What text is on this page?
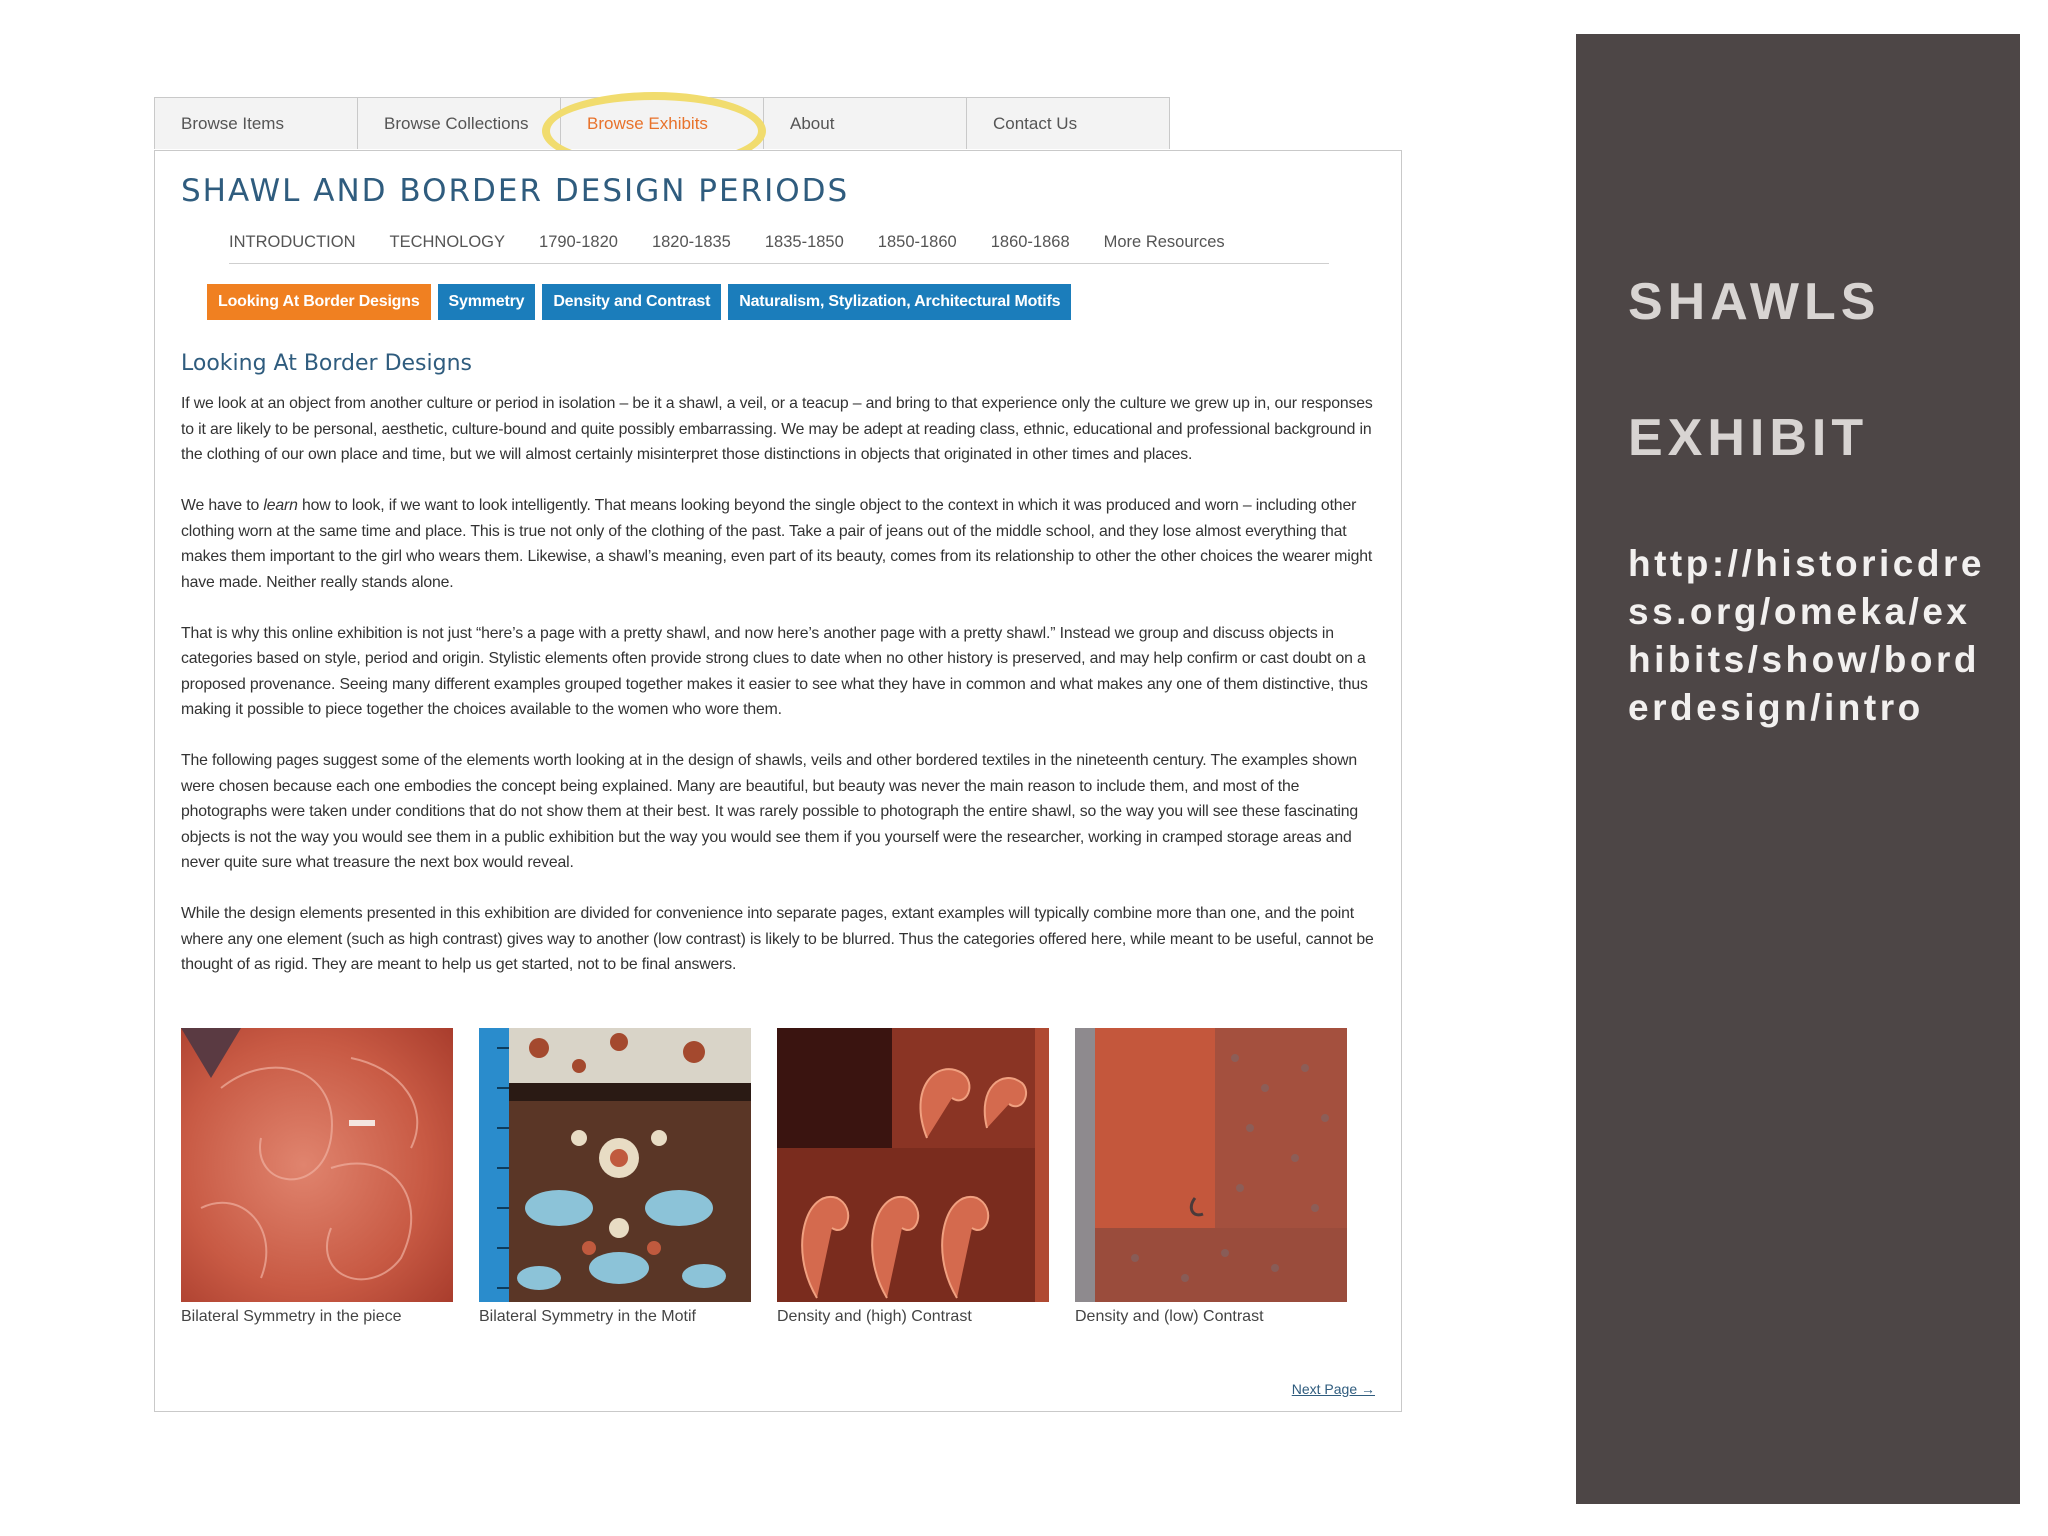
Browse Items	Browse Collections	Browse Exhibits	About	Contact Us
SHAWL AND BORDER DESIGN PERIODS
INTRODUCTION TECHNOLOGY 1790-1820 1820-1835 1835-1850 1850-1860 1860-1868 More Resources
Looking At Border Designs	Symmetry	Density and Contrast	Naturalism, Stylization, Architectural Motifs
Looking At Border Designs

If we look at an object from another culture or period in isolation – be it a shawl, a veil, or a teacup – and bring to that experience only the culture we grew up in, our responses to it are likely to be personal, aesthetic, culture-bound and quite possibly embarrassing. We may be adept at reading class, ethnic, educational and professional background in the clothing of our own place and time, but we will almost certainly misinterpret those distinctions in objects that originated in other times and places.

We have to learn how to look, if we want to look intelligently. That means looking beyond the single object to the context in which it was produced and worn – including other clothing worn at the same time and place. This is true not only of the clothing of the past. Take a pair of jeans out of the middle school, and they lose almost everything that makes them important to the girl who wears them. Likewise, a shawl’s meaning, even part of its beauty, comes from its relationship to other the other choices the wearer might have made. Neither really stands alone.

That is why this online exhibition is not just “here’s a page with a pretty shawl, and now here’s another page with a pretty shawl.” Instead we group and discuss objects in categories based on style, period and origin. Stylistic elements often provide strong clues to date when no other history is preserved, and may help confirm or cast doubt on a proposed provenance. Seeing many different examples grouped together makes it easier to see what they have in common and what makes any one of them distinctive, thus making it possible to piece together the choices available to the women who wore them.

The following pages suggest some of the elements worth looking at in the design of shawls, veils and other bordered textiles in the nineteenth century. The examples shown were chosen because each one embodies the concept being explained. Many are beautiful, but beauty was never the main reason to include them, and most of the photographs were taken under conditions that do not show them at their best. It was rarely possible to photograph the entire shawl, so the way you will see these fascinating objects is not the way you would see them in a public exhibition but the way you would see them if you yourself were the researcher, working in cramped storage areas and never quite sure what treasure the next box would reveal.

While the design elements presented in this exhibition are divided for convenience into separate pages, extant examples will typically combine more than one, and the point where any one element (such as high contrast) gives way to another (low contrast) is likely to be blurred. Thus the categories offered here, while meant to be useful, cannot be thought of as rigid. They are meant to help us get started, not to be final answers.

Bilateral Symmetry in the piece	Bilateral Symmetry in the Motif	Density and (high) Contrast	Density and (low) Contrast
Next Page →
SHAWLS
EXHIBIT
http://historicdress.org/omeka/exhibits/show/borderdesign/intro
